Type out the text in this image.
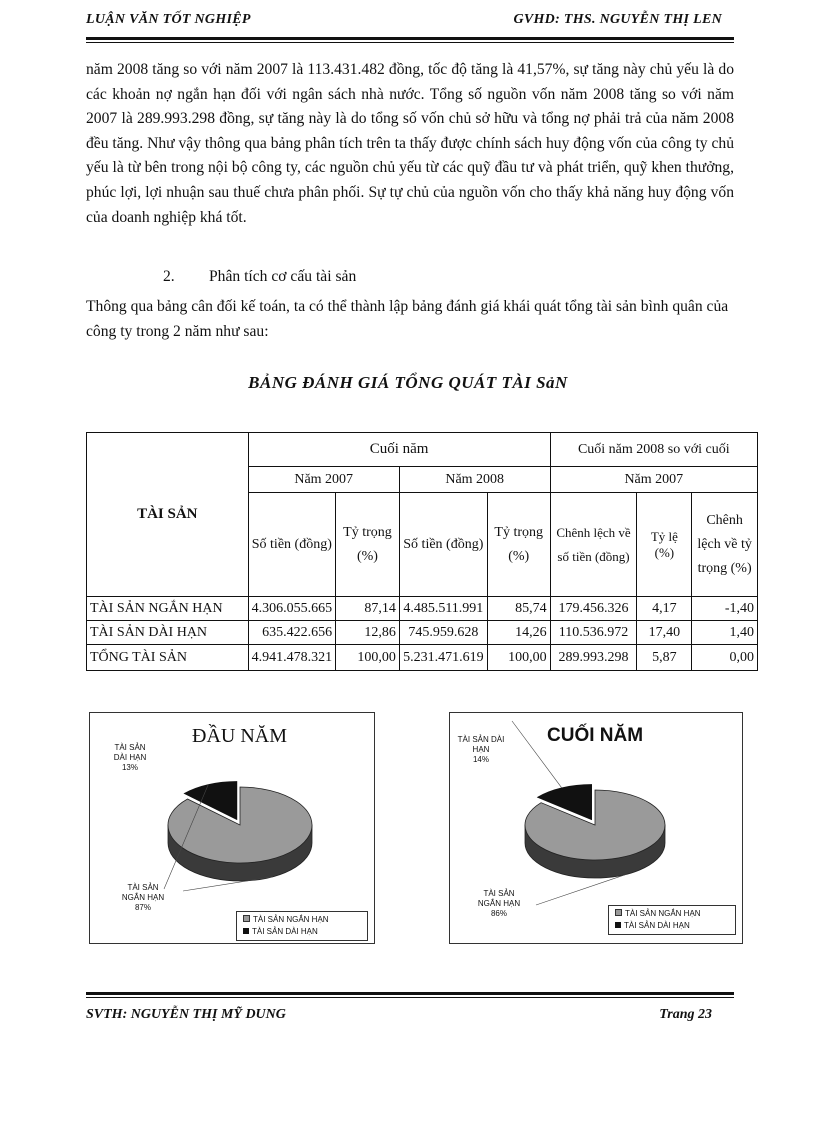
LUẬN VĂN TỐT NGHIỆP	GVHD: THS. NGUYỄN THỊ LEN

năm 2008 tăng so với năm 2007 là 113.431.482 đồng, tốc độ tăng là 41,57%, sự tăng này chủ yếu là do các khoản nợ ngắn hạn đối với ngân sách nhà nước. Tổng số nguồn vốn năm 2008 tăng so với năm 2007 là 289.993.298 đồng, sự tăng này là do tổng số vốn chủ sở hữu và tổng nợ phải trả của năm 2008 đều tăng. Như vậy thông qua bảng phân tích trên ta thấy được chính sách huy động vốn của công ty chủ yếu là từ bên trong nội bộ công ty, các nguồn chủ yếu từ các quỹ đầu tư và phát triển, quỹ khen thưởng, phúc lợi, lợi nhuận sau thuế chưa phân phối. Sự tự chủ của nguồn vốn cho thấy khả năng huy động vốn của doanh nghiệp khá tốt.

2. Phân tích cơ cấu tài sản
Thông qua bảng cân đối kế toán, ta có thể thành lập bảng đánh giá khái quát tổng tài sản bình quân của công ty trong 2 năm như sau:
BẢNG ĐÁNH GIÁ TỔNG QUÁT TÀI SảN
TÀI SẢN	Cuối năm				Cuối năm 2008 so với cuối		
	Năm 2007		Năm 2008		Năm 2007		
	Số tiền (đồng)	Tỷ trọng (%)	Số tiền (đồng)	Tỷ trọng (%)	Chênh lệch về số tiền (đồng)	Tỷ lệ (%)	Chênh lệch về tỷ trọng (%)
TÀI SẢN NGẮN HẠN	4.306.055.665	87,14	4.485.511.991	85,74	179.456.326	4,17	-1,40
TÀI SẢN DÀI HẠN	635.422.656	12,86	745.959.628	14,26	110.536.972	17,40	1,40
TỔNG TÀI SẢN	4.941.478.321	100,00	5.231.471.619	100,00	289.993.298	5,87	0,00
ĐẦU NĂM
TÀI SẢN
DÀI HẠN
13%
TÀI SẢN
NGẮN HẠN
87%
TÀI SẢN NGẮN HẠN
TÀI SẢN DÀI HẠN
CUỐI NĂM
TÀI SẢN DÀI
HẠN
14%
TÀI SẢN
NGẮN HẠN
86%	TÀI SẢN NGẮN HẠN
TÀI SẢN DÀI HẠN
SVTH: NGUYỄN THỊ MỸ DUNG	Trang 23
